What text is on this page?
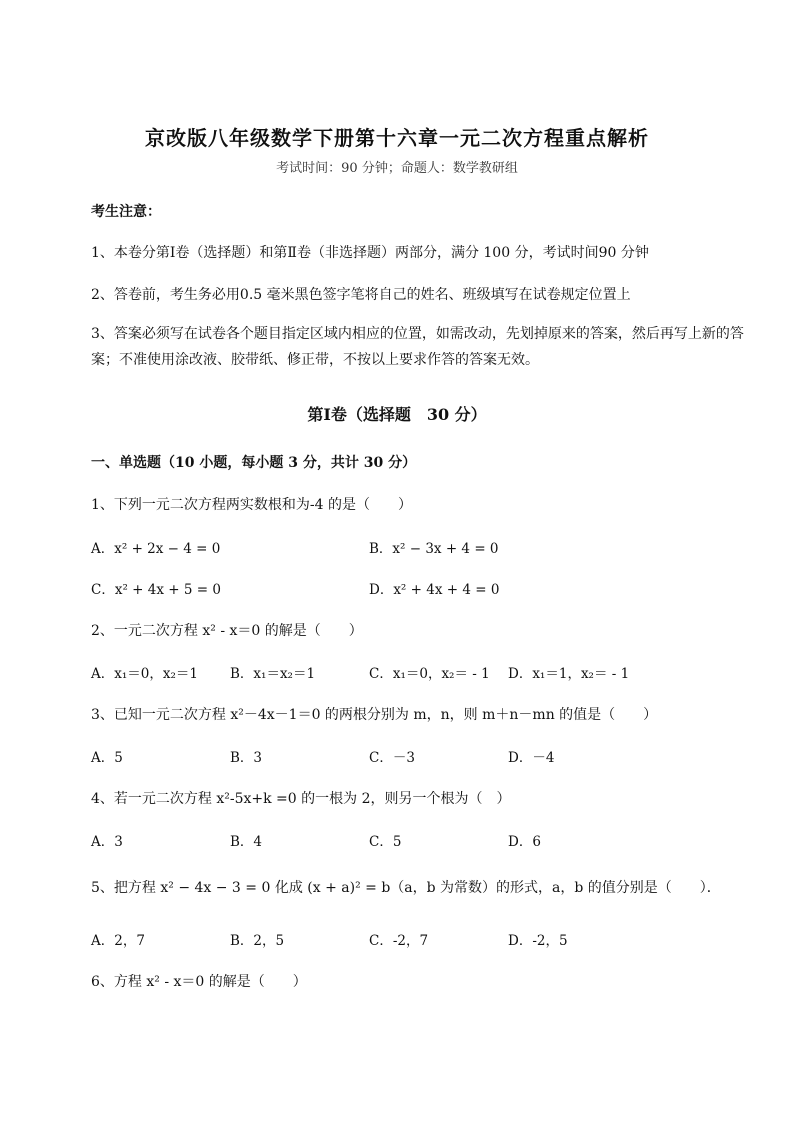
京改版八年级数学下册第十六章一元二次方程重点解析
考试时间：90 分钟；命题人：数学教研组
考生注意：
1、本卷分第Ⅰ卷（选择题）和第Ⅱ卷（非选择题）两部分，满分 100 分，考试时间90 分钟
2、答卷前，考生务必用0.5 毫米黑色签字笔将自己的姓名、班级填写在试卷规定位置上
3、答案必须写在试卷各个题目指定区域内相应的位置，如需改动，先划掉原来的答案，然后再写上新的答案；不准使用涂改液、胶带纸、修正带，不按以上要求作答的答案无效。
第Ⅰ卷（选择题　30 分）
一、单选题（10 小题，每小题 3 分，共计 30 分）
1、下列一元二次方程两实数根和为-4 的是（　　）
A．x² + 2x − 4 = 0	B．x² − 3x + 4 = 0
C．x² + 4x + 5 = 0	D．x² + 4x + 4 = 0
2、一元二次方程 x² - x＝0 的解是（　　）
A．x₁＝0，x₂＝1 B．x₁＝x₂＝1	C．x₁＝0，x₂＝ - 1 D．x₁＝1，x₂＝ - 1
3、已知一元二次方程 x²－4x－1＝0 的两根分别为 m，n，则 m＋n－mn 的值是（　　）
A．5	B．3	C．－3	D．－4
4、若一元二次方程 x²-5x+k =0 的一根为 2，则另一个根为（　）
A．3	B．4	C．5	D．6
5、把方程 x² − 4x − 3 = 0 化成 (x + a)² = b（a，b 为常数）的形式，a，b 的值分别是（　　）．
A．2，7	B．2，5	C．-2，7	D．-2，5
6、方程 x² - x＝0 的解是（　　）
